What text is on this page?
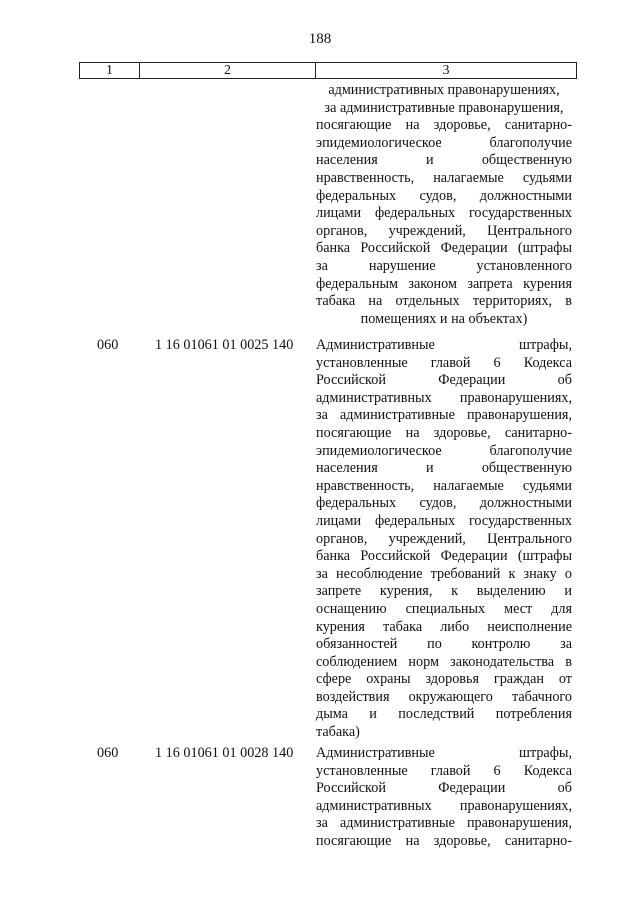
188
1	2	3
административных правонарушениях,
за административные правонарушения,
посягающие на здоровье, санитарно-
эпидемиологическое благополучие
населения и общественную
нравственность, налагаемые судьями
федеральных судов, должностными
лицами федеральных государственных
органов, учреждений, Центрального
банка Российской Федерации (штрафы
за нарушение установленного
федеральным законом запрета курения
табака на отдельных территориях, в
помещениях и на объектах)
060	1 16 01061 01 0025 140 Административные штрафы,
установленные главой 6 Кодекса
Российской Федерации об
административных правонарушениях,
за административные правонарушения,
посягающие на здоровье, санитарно-
эпидемиологическое благополучие
населения и общественную
нравственность, налагаемые судьями
федеральных судов, должностными
лицами федеральных государственных
органов, учреждений, Центрального
банка Российской Федерации (штрафы
за несоблюдение требований к знаку о
запрете курения, к выделению и
оснащению специальных мест для
курения табака либо неисполнение
обязанностей по контролю за
соблюдением норм законодательства в
сфере охраны здоровья граждан от
воздействия окружающего табачного
дыма и последствий потребления
табака)
060	1 16 01061 01 0028 140 Административные штрафы,
установленные главой 6 Кодекса
Российской Федерации об
административных правонарушениях,
за административные правонарушения,
посягающие на здоровье, санитарно-
